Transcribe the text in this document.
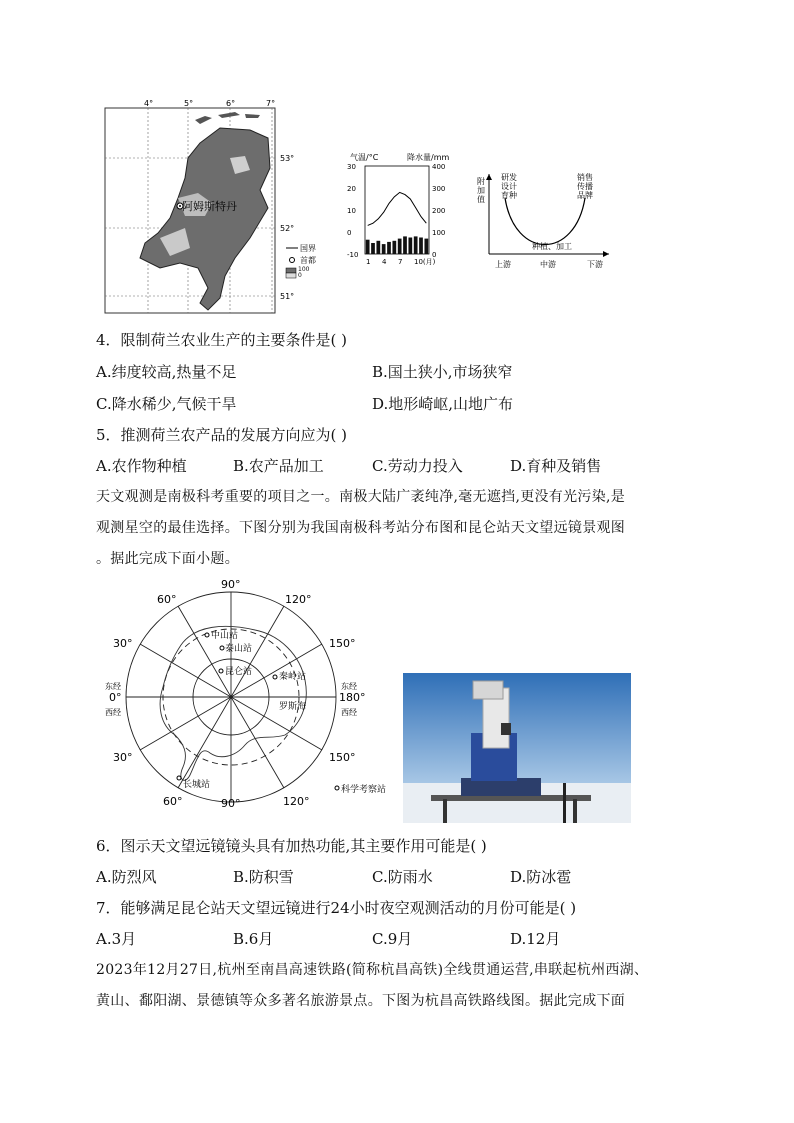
阿姆斯特丹
4°	5°	6°	7°
53°
52°
51°
国界
首都
100
0
气温/°C	降水量/mm
30
20
10
0
-10
400
300
200
100
0
1 4 7 10(月)
研发
设计
育种
销售
传播
品牌
种植、加工
上游	中游	下游
附
加
值
4．限制荷兰农业生产的主要条件是( )
A.纬度较高,热量不足	B.国土狭小,市场狭窄
C.降水稀少,气候干旱	D.地形崎岖,山地广布
5．推测荷兰农产品的发展方向应为( )
A.农作物种植	B.农产品加工	C.劳动力投入	D.育种及销售
天文观测是南极科考重要的项目之一。南极大陆广袤纯净,毫无遮挡,更没有光污染,是
观测星空的最佳选择。下图分别为我国南极科考站分布图和昆仑站天文望远镜景观图
。据此完成下面小题。
90°
60°	120°
30°	150°
0°	180°
30°	150°
60°	90°	120°
东经
西经
东经
西经
中山站
泰山站
昆仑站	秦岭站
罗斯海
长城站	科学考察站
6．图示天文望远镜镜头具有加热功能,其主要作用可能是( )
A.防烈风	B.防积雪	C.防雨水	D.防冰雹
7．能够满足昆仑站天文望远镜进行24小时夜空观测活动的月份可能是( )
A.3月	B.6月	C.9月	D.12月
2023年12月27日,杭州至南昌高速铁路(简称杭昌高铁)全线贯通运营,串联起杭州西湖、
黄山、鄱阳湖、景德镇等众多著名旅游景点。下图为杭昌高铁路线图。据此完成下面
